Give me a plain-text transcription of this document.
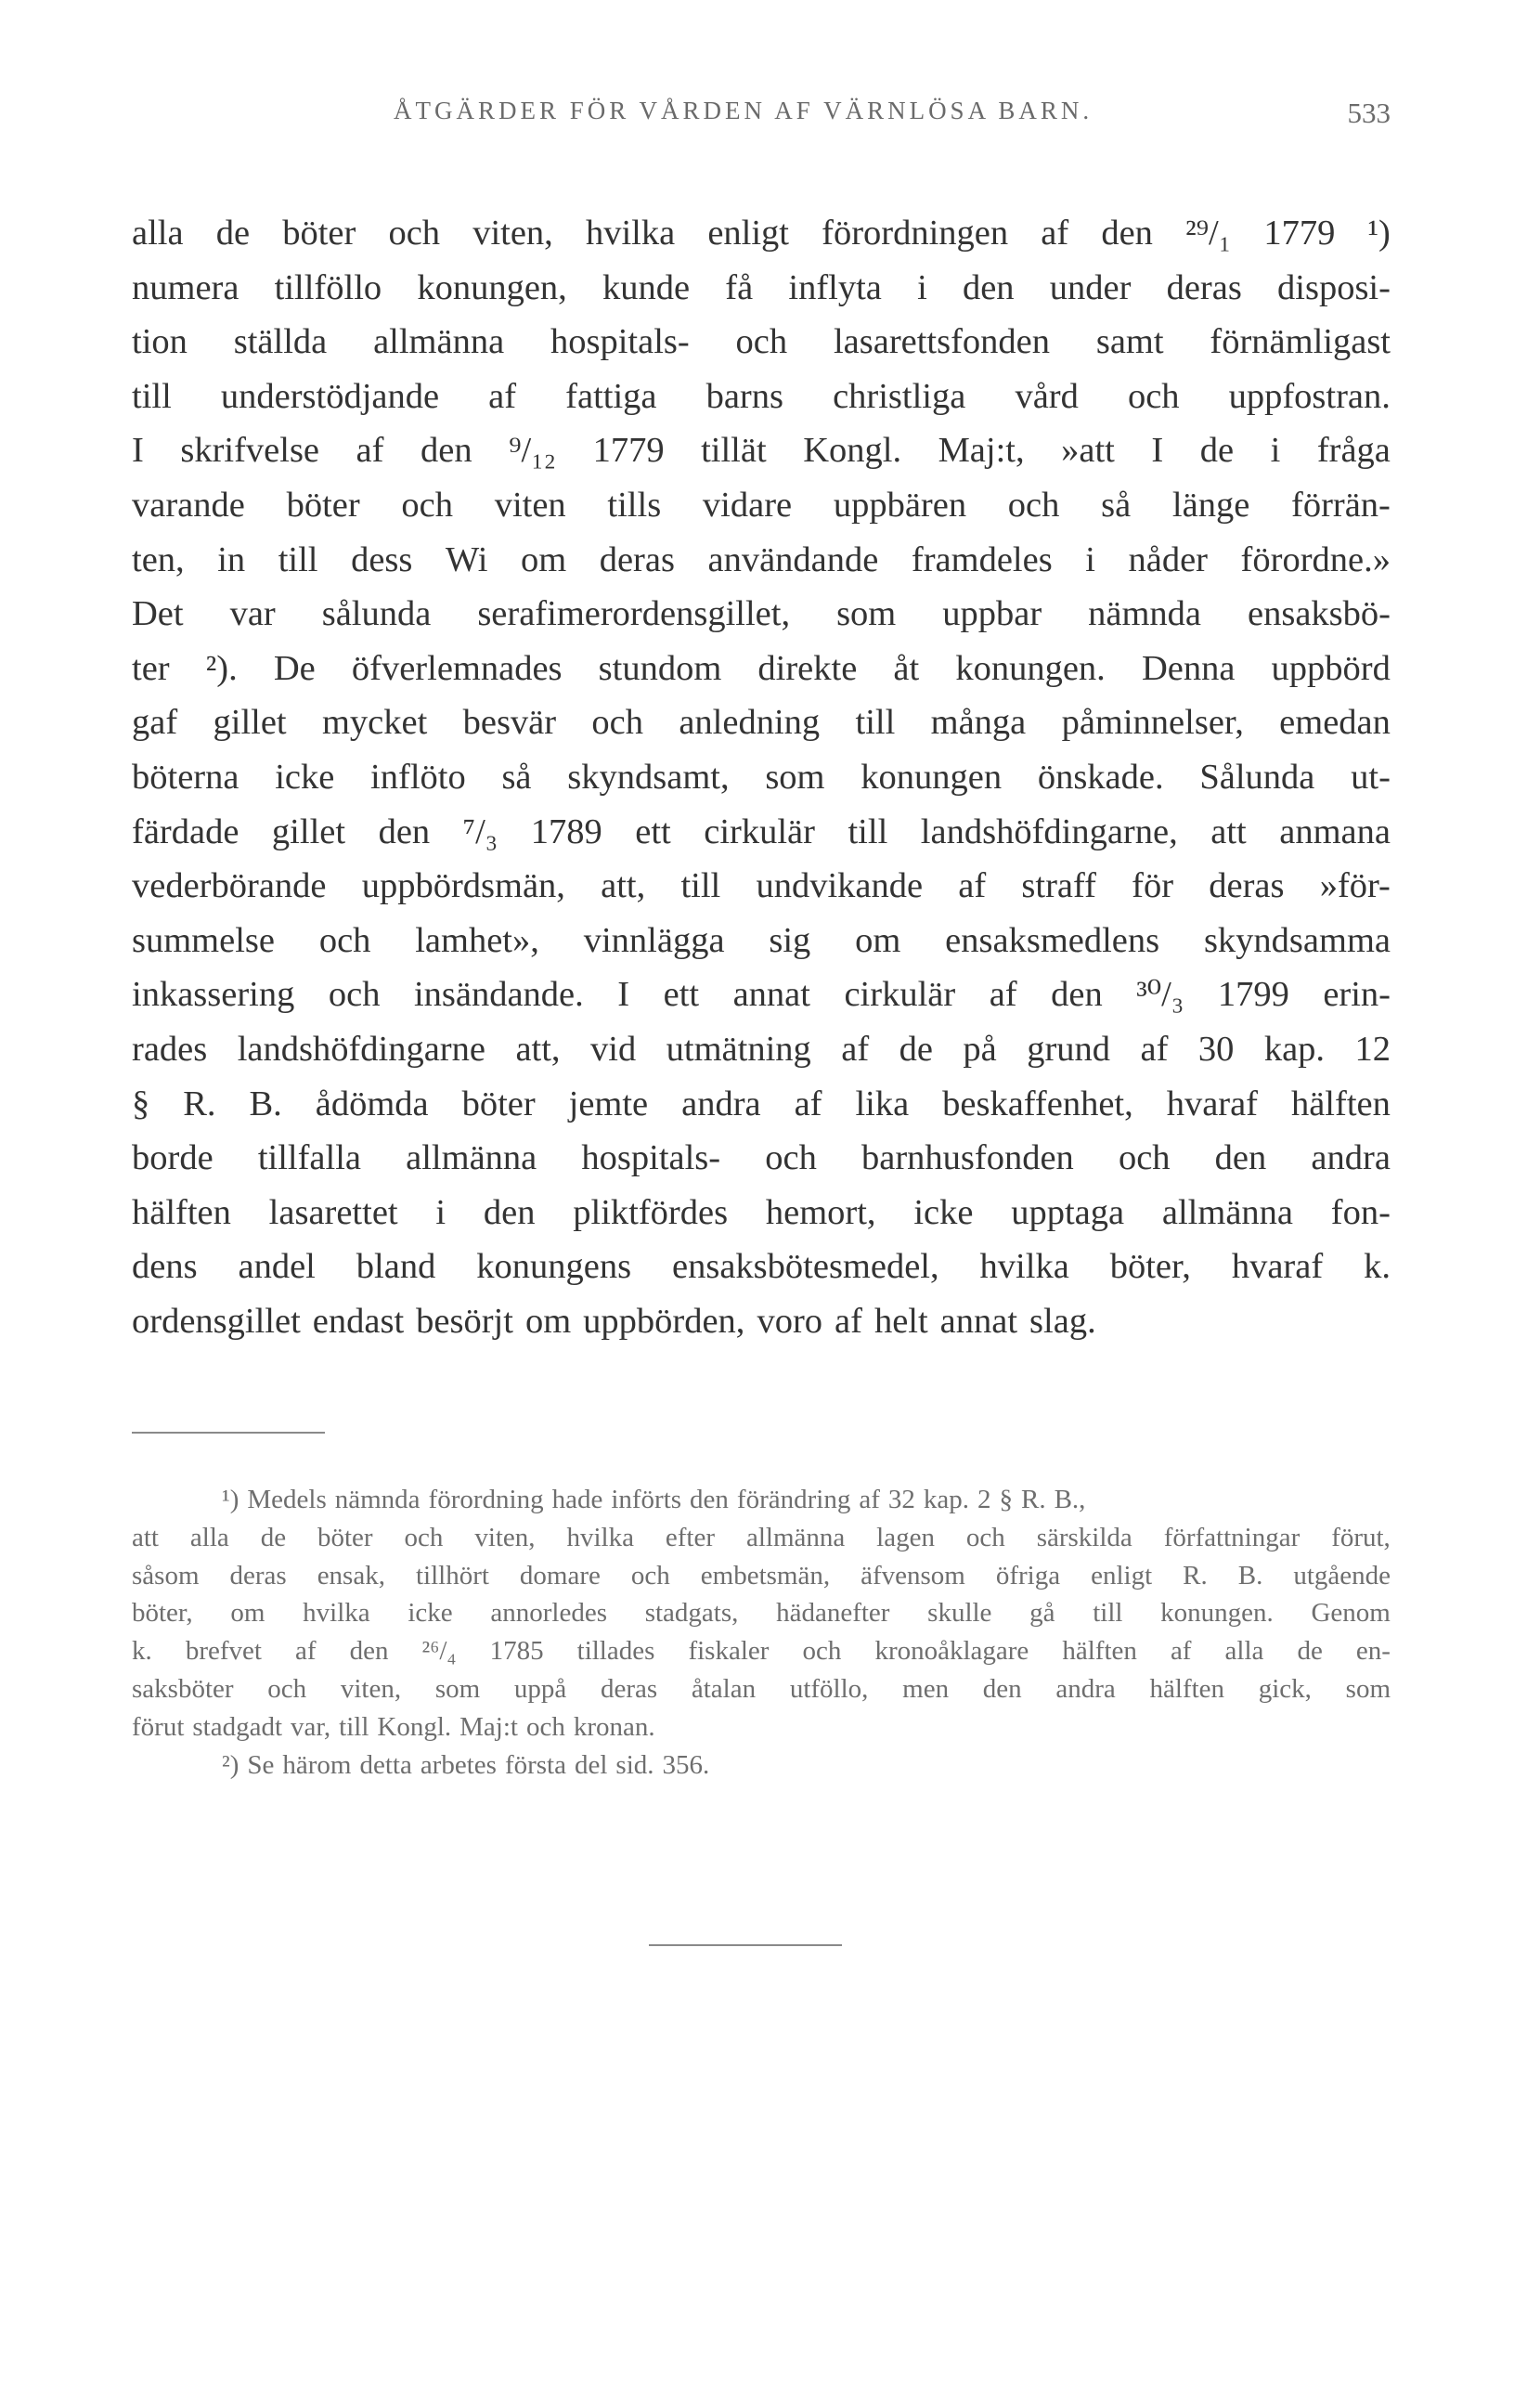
ÅTGÄRDER FÖR VÅRDEN AF VÄRNLÖSA BARN.	533
alla de böter och viten, hvilka enligt förordningen af den ²⁹/₁ 1779 ¹)
numera tillföllo konungen, kunde få inflyta i den under deras disposi-
tion ställda allmänna hospitals- och lasarettsfonden samt förnämligast
till understödjande af fattiga barns christliga vård och uppfostran.
I skrifvelse af den ⁹/₁₂ 1779 tillät Kongl. Maj:t, »att I de i fråga
varande böter och viten tills vidare uppbären och så länge förrän-
ten, in till dess Wi om deras användande framdeles i nåder förordne.»
Det var sålunda serafimerordensgillet, som uppbar nämnda ensaksbö-
ter ²). De öfverlemnades stundom direkte åt konungen. Denna uppbörd
gaf gillet mycket besvär och anledning till många påminnelser, emedan
böterna icke inflöto så skyndsamt, som konungen önskade. Sålunda ut-
färdade gillet den ⁷/₃ 1789 ett cirkulär till landshöfdingarne, att anmana
vederbörande uppbördsmän, att, till undvikande af straff för deras »för-
summelse och lamhet», vinnlägga sig om ensaksmedlens skyndsamma
inkassering och insändande. I ett annat cirkulär af den ³⁰/₃ 1799 erin-
rades landshöfdingarne att, vid utmätning af de på grund af 30 kap. 12
§ R. B. ådömda böter jemte andra af lika beskaffenhet, hvaraf hälften
borde tillfalla allmänna hospitals- och barnhusfonden och den andra
hälften lasarettet i den pliktfördes hemort, icke upptaga allmänna fon-
dens andel bland konungens ensaksbötesmedel, hvilka böter, hvaraf k.
ordensgillet endast besörjt om uppbörden, voro af helt annat slag.
¹) Medels nämnda förordning hade införts den förändring af 32 kap. 2 § R. B.,
att alla de böter och viten, hvilka efter allmänna lagen och särskilda författningar förut,
såsom deras ensak, tillhört domare och embetsmän, äfvensom öfriga enligt R. B. utgående
böter, om hvilka icke annorledes stadgats, hädanefter skulle gå till konungen. Genom
k. brefvet af den ²⁶/₄ 1785 tillades fiskaler och kronoåklagare hälften af alla de en-
saksböter och viten, som uppå deras åtalan utföllo, men den andra hälften gick, som
förut stadgadt var, till Kongl. Maj:t och kronan.
²) Se härom detta arbetes första del sid. 356.
